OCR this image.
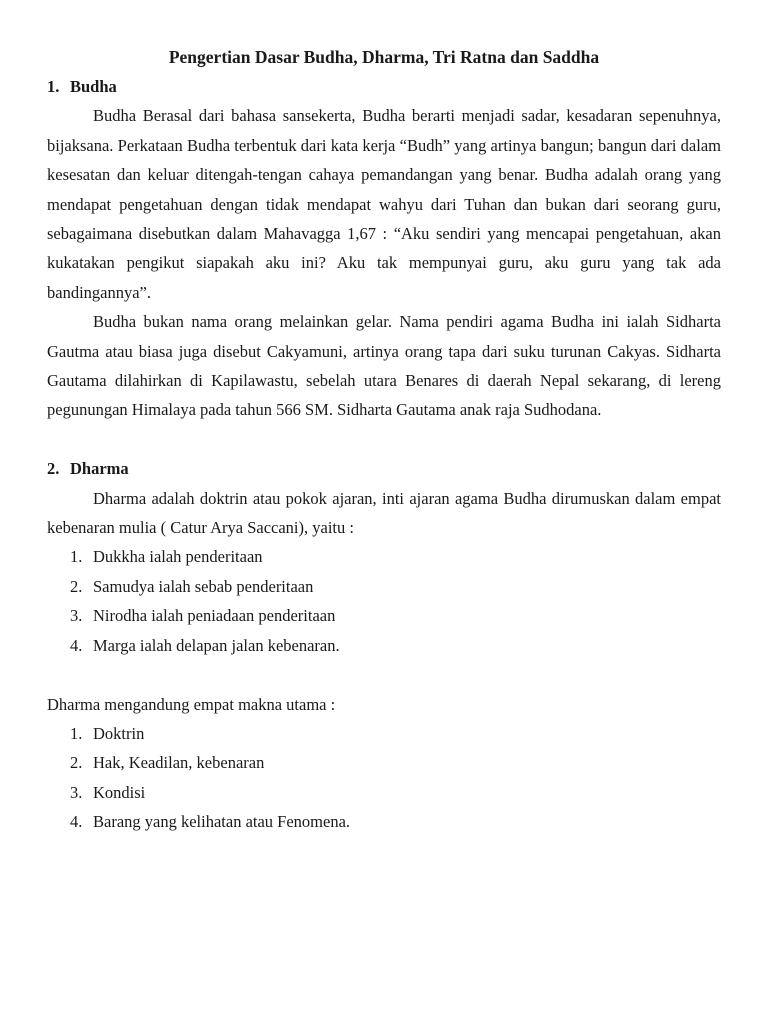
Pengertian Dasar Budha, Dharma, Tri Ratna dan Saddha

1. Budha

Budha Berasal dari bahasa sansekerta, Budha berarti menjadi sadar, kesadaran sepenuhnya, bijaksana. Perkataan Budha terbentuk dari kata kerja “Budh” yang artinya bangun; bangun dari dalam kesesatan dan keluar ditengah-tengan cahaya pemandangan yang benar. Budha adalah orang yang mendapat pengetahuan dengan tidak mendapat wahyu dari Tuhan dan bukan dari seorang guru, sebagaimana disebutkan dalam Mahavagga 1,67 : “Aku sendiri yang mencapai pengetahuan, akan kukatakan pengikut siapakah aku ini? Aku tak mempunyai guru, aku guru yang tak ada bandingannya”.

Budha bukan nama orang melainkan gelar. Nama pendiri agama Budha ini ialah Sidharta Gautma atau biasa juga disebut Cakyamuni, artinya orang tapa dari suku turunan Cakyas. Sidharta Gautama dilahirkan di Kapilawastu, sebelah utara Benares di daerah Nepal sekarang, di lereng pegunungan Himalaya pada tahun 566 SM. Sidharta Gautama anak raja Sudhodana.

2. Dharma

Dharma adalah doktrin atau pokok ajaran, inti ajaran agama Budha dirumuskan dalam empat kebenaran mulia ( Catur Arya Saccani), yaitu :

1. Dukkha ialah penderitaan
2. Samudya ialah sebab penderitaan
3. Nirodha ialah peniadaan penderitaan
4. Marga ialah delapan jalan kebenaran.

Dharma mengandung empat makna utama :

1. Doktrin
2. Hak, Keadilan, kebenaran
3. Kondisi
4. Barang yang kelihatan atau Fenomena.
